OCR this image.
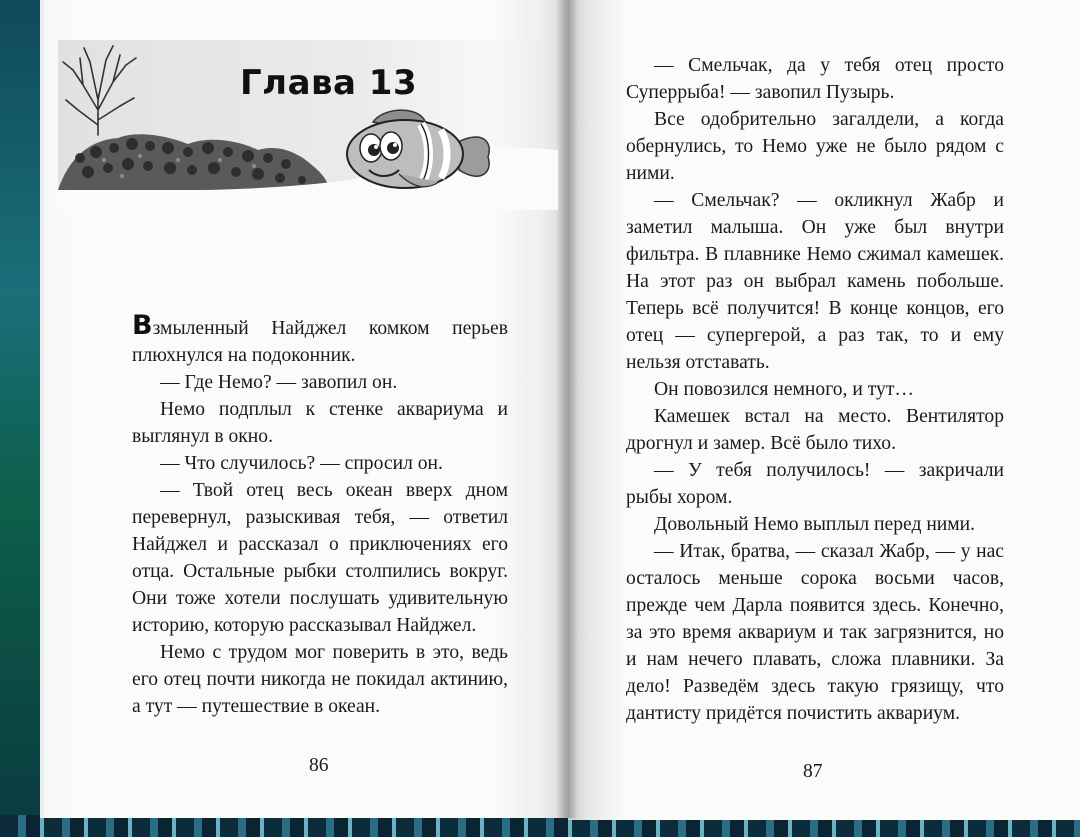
Глава 13

Взмыленный Найджел комком перьев плюхнулся на подоконник.

— Где Немо? — завопил он.

Немо подплыл к стенке аквариума и выглянул в окно.

— Что случилось? — спросил он.

— Твой отец весь океан вверх дном перевернул, разыскивая тебя, — ответил Найджел и рассказал о приключениях его отца. Остальные рыбки столпились вокруг. Они тоже хотели послушать удивительную историю, которую рассказывал Найджел.

Немо с трудом мог поверить в это, ведь его отец почти никогда не покидал актинию, а тут — путешествие в океан.

— Смельчак, да у тебя отец просто Суперрыба! — завопил Пузырь.

Все одобрительно загалдели, а когда обернулись, то Немо уже не было рядом с ними.

— Смельчак? — окликнул Жабр и заметил малыша. Он уже был внутри фильтра. В плавнике Немо сжимал камешек. На этот раз он выбрал камень побольше. Теперь всё получится! В конце концов, его отец — супергерой, а раз так, то и ему нельзя отставать.

Он повозился немного, и тут…

Камешек встал на место. Вентилятор дрогнул и замер. Всё было тихо.

— У тебя получилось! — закричали рыбы хором.

Довольный Немо выплыл перед ними.

— Итак, братва, — сказал Жабр, — у нас осталось меньше сорока восьми часов, прежде чем Дарла появится здесь. Конечно, за это время аквариум и так загрязнится, но и нам нечего плавать, сложа плавники. За дело! Разведём здесь такую грязищу, что дантисту придётся почистить аквариум.

86	87
